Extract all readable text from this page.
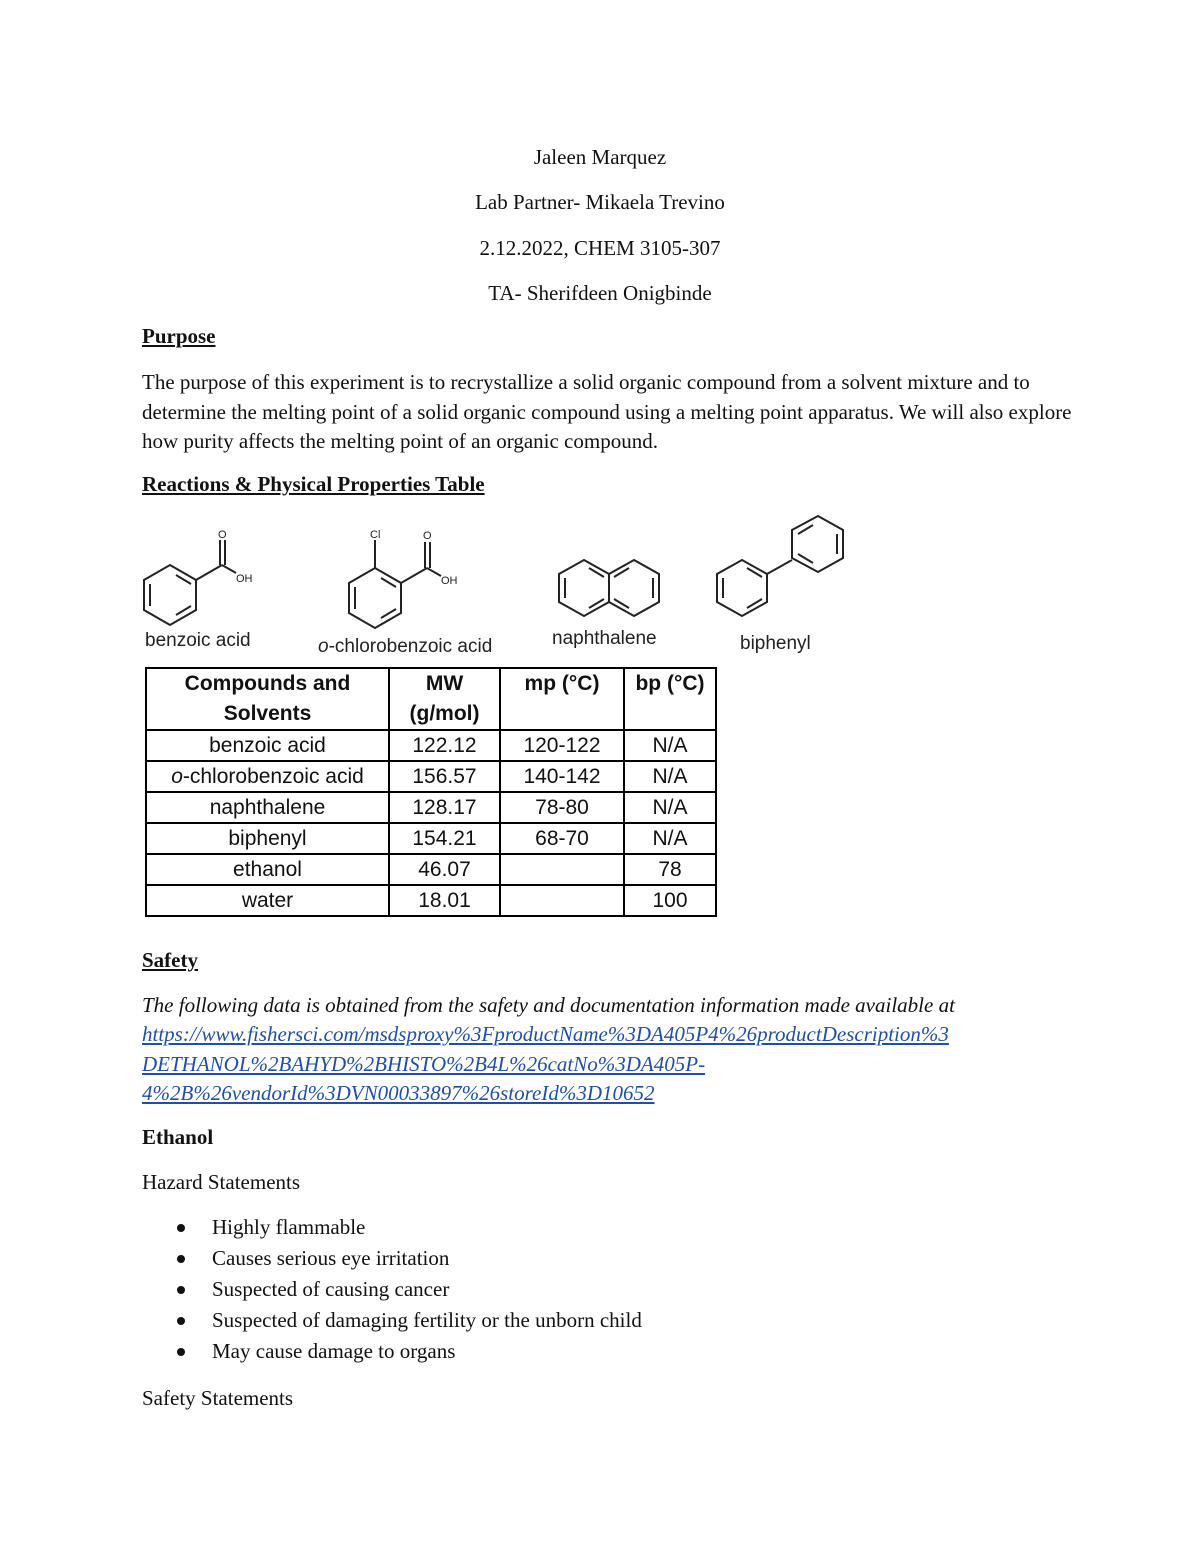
Jaleen Marquez
Lab Partner- Mikaela Trevino
2.12.2022, CHEM 3105-307
TA- Sherifdeen Onigbinde
Purpose
The purpose of this experiment is to recrystallize a solid organic compound from a solvent mixture and to determine the melting point of a solid organic compound using a melting point apparatus. We will also explore how purity affects the melting point of an organic compound.
Reactions & Physical Properties Table
O
OH
Cl	O
OH
benzoic acid	o-chlorobenzoic acid	naphthalene	biphenyl
Compounds and Solvents	MW (g/mol)	mp (°C)	bp (°C)
benzoic acid	122.12	120-122	N/A
o-chlorobenzoic acid	156.57	140-142	N/A
naphthalene	128.17	78-80	N/A
biphenyl	154.21	68-70	N/A
ethanol	46.07		78
water	18.01		100
Safety
The following data is obtained from the safety and documentation information made available at
https://www.fishersci.com/msdsproxy%3FproductName%3DA405P4%26productDescription%3
DETHANOL%2BAHYD%2BHISTO%2B4L%26catNo%3DA405P-
4%2B%26vendorId%3DVN00033897%26storeId%3D10652
Ethanol
Hazard Statements
Highly flammable
Causes serious eye irritation
Suspected of causing cancer
Suspected of damaging fertility or the unborn child
May cause damage to organs
Safety Statements
